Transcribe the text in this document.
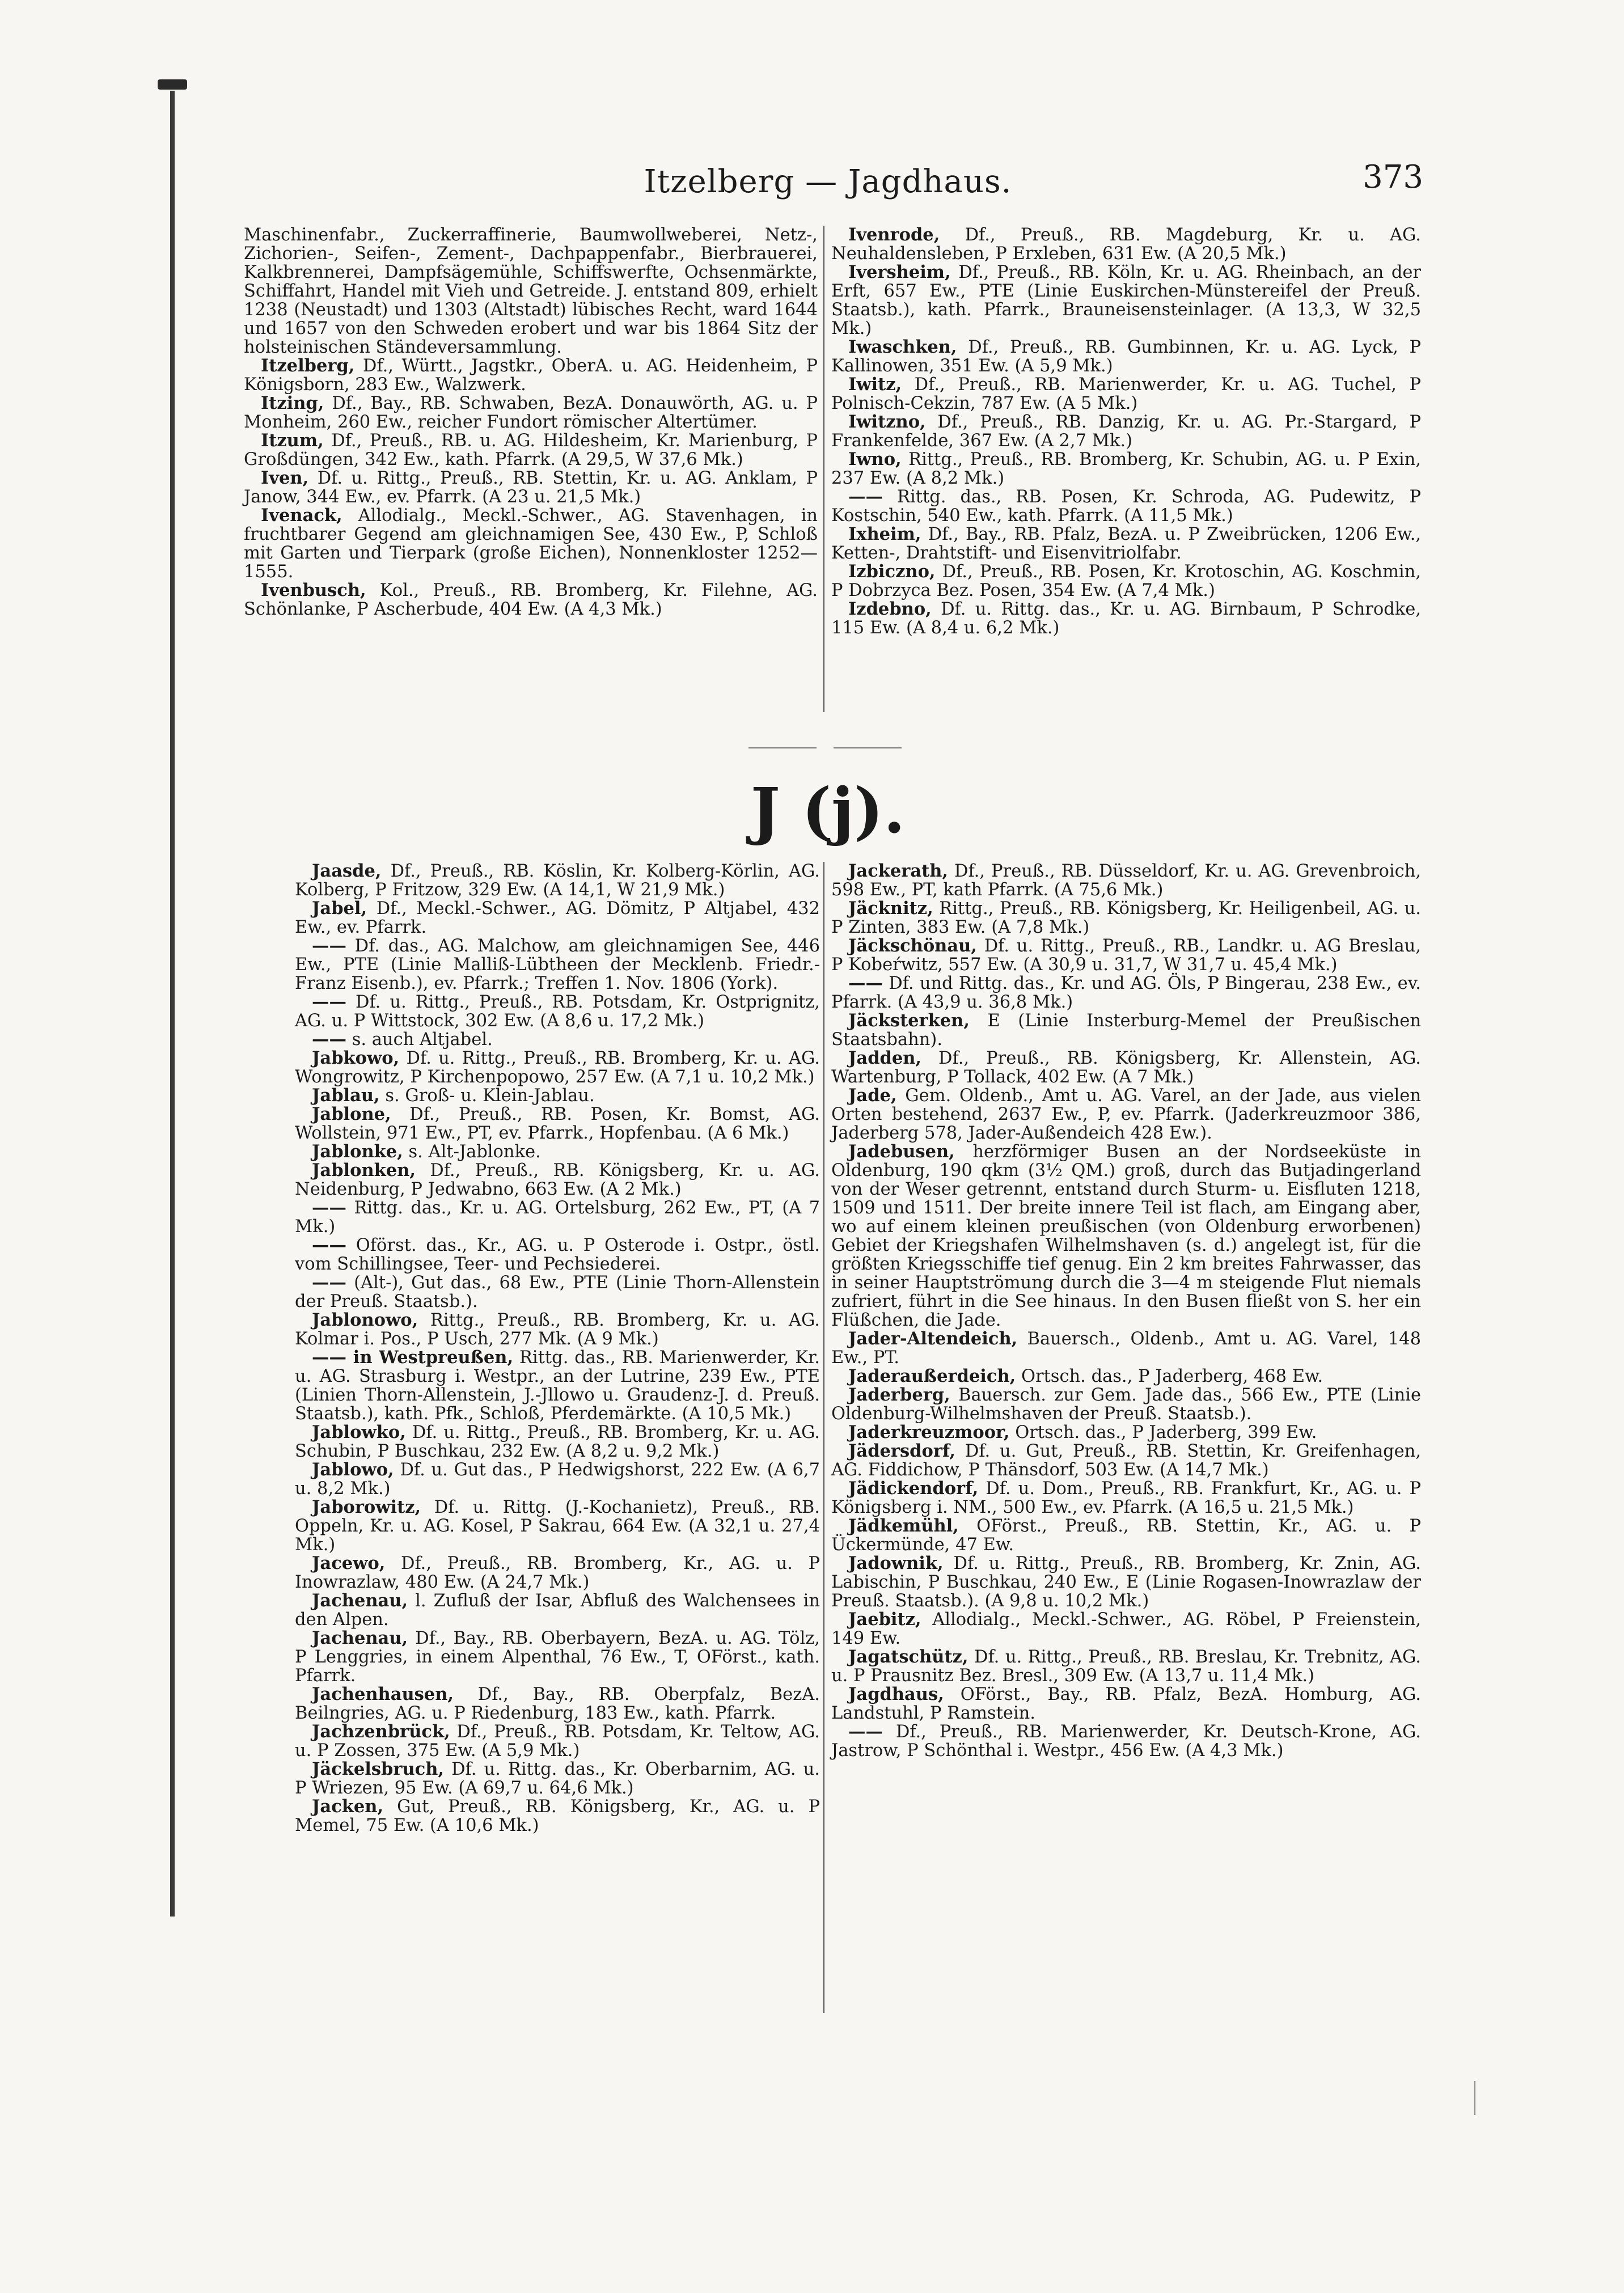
Itzelberg — Jagdhaus.	373

Maschinenfabr., Zuckerraffinerie, Baumwollweberei, Netz-, Zichorien-, Seifen-, Zement-, Dachpappenfabr., Bierbrauerei, Kalkbrennerei, Dampfsägemühle, Schiffswerfte, Ochsenmärkte, Schiffahrt, Handel mit Vieh und Getreide. J. entstand 809, erhielt 1238 (Neustadt) und 1303 (Altstadt) lübisches Recht, ward 1644 und 1657 von den Schweden erobert und war bis 1864 Sitz der holsteinischen Ständeversammlung.

Itzelberg, Df., Württ., Jagstkr., OberA. u. AG. Heidenheim, P Königsborn, 283 Ew., Walzwerk.

Itzing, Df., Bay., RB. Schwaben, BezA. Donauwörth, AG. u. P Monheim, 260 Ew., reicher Fundort römischer Altertümer.

Itzum, Df., Preuß., RB. u. AG. Hildesheim, Kr. Marienburg, P Großdüngen, 342 Ew., kath. Pfarrk. (A 29,5, W 37,6 Mk.)

Iven, Df. u. Rittg., Preuß., RB. Stettin, Kr. u. AG. Anklam, P Janow, 344 Ew., ev. Pfarrk. (A 23 u. 21,5 Mk.)

Ivenack, Allodialg., Meckl.-Schwer., AG. Stavenhagen, in fruchtbarer Gegend am gleichnamigen See, 430 Ew., P, Schloß mit Garten und Tierpark (große Eichen), Nonnenkloster 1252—1555.

Ivenbusch, Kol., Preuß., RB. Bromberg, Kr. Filehne, AG. Schönlanke, P Ascherbude, 404 Ew. (A 4,3 Mk.)

Ivenrode, Df., Preuß., RB. Magdeburg, Kr. u. AG. Neuhaldensleben, P Erxleben, 631 Ew. (A 20,5 Mk.)

Iversheim, Df., Preuß., RB. Köln, Kr. u. AG. Rheinbach, an der Erft, 657 Ew., PTE (Linie Euskirchen-Münstereifel der Preuß. Staatsb.), kath. Pfarrk., Brauneisensteinlager. (A 13,3, W 32,5 Mk.)

Iwaschken, Df., Preuß., RB. Gumbinnen, Kr. u. AG. Lyck, P Kallinowen, 351 Ew. (A 5,9 Mk.)

Iwitz, Df., Preuß., RB. Marienwerder, Kr. u. AG. Tuchel, P Polnisch-Cekzin, 787 Ew. (A 5 Mk.)

Iwitzno, Df., Preuß., RB. Danzig, Kr. u. AG. Pr.-Stargard, P Frankenfelde, 367 Ew. (A 2,7 Mk.)

Iwno, Rittg., Preuß., RB. Bromberg, Kr. Schubin, AG. u. P Exin, 237 Ew. (A 8,2 Mk.)

—— Rittg. das., RB. Posen, Kr. Schroda, AG. Pudewitz, P Kostschin, 540 Ew., kath. Pfarrk. (A 11,5 Mk.)

Ixheim, Df., Bay., RB. Pfalz, BezA. u. P Zweibrücken, 1206 Ew., Ketten-, Drahtstift- und Eisenvitriolfabr.

Izbiczno, Df., Preuß., RB. Posen, Kr. Krotoschin, AG. Koschmin, P Dobrzyca Bez. Posen, 354 Ew. (A 7,4 Mk.)

Izdebno, Df. u. Rittg. das., Kr. u. AG. Birnbaum, P Schrodke, 115 Ew. (A 8,4 u. 6,2 Mk.)

J (j).

Jaasde, Df., Preuß., RB. Köslin, Kr. Kolberg-Körlin, AG. Kolberg, P Fritzow, 329 Ew. (A 14,1, W 21,9 Mk.)

Jabel, Df., Meckl.-Schwer., AG. Dömitz, P Altjabel, 432 Ew., ev. Pfarrk.

—— Df. das., AG. Malchow, am gleichnamigen See, 446 Ew., PTE (Linie Malliß-Lübtheen der Mecklenb. Friedr.-Franz Eisenb.), ev. Pfarrk.; Treffen 1. Nov. 1806 (York).

—— Df. u. Rittg., Preuß., RB. Potsdam, Kr. Ostprignitz, AG. u. P Wittstock, 302 Ew. (A 8,6 u. 17,2 Mk.)

—— s. auch Altjabel.

Jabkowo, Df. u. Rittg., Preuß., RB. Bromberg, Kr. u. AG. Wongrowitz, P Kirchenpopowo, 257 Ew. (A 7,1 u. 10,2 Mk.)

Jablau, s. Groß- u. Klein-Jablau.

Jablone, Df., Preuß., RB. Posen, Kr. Bomst, AG. Wollstein, 971 Ew., PT, ev. Pfarrk., Hopfenbau. (A 6 Mk.)

Jablonke, s. Alt-Jablonke.

Jablonken, Df., Preuß., RB. Königsberg, Kr. u. AG. Neidenburg, P Jedwabno, 663 Ew. (A 2 Mk.)

—— Rittg. das., Kr. u. AG. Ortelsburg, 262 Ew., PT, (A 7 Mk.)

—— Oförst. das., Kr., AG. u. P Osterode i. Ostpr., östl. vom Schillingsee, Teer- und Pechsiederei.

—— (Alt-), Gut das., 68 Ew., PTE (Linie Thorn-Allenstein der Preuß. Staatsb.).

Jablonowo, Rittg., Preuß., RB. Bromberg, Kr. u. AG. Kolmar i. Pos., P Usch, 277 Mk. (A 9 Mk.)

—— in Westpreußen, Rittg. das., RB. Marienwerder, Kr. u. AG. Strasburg i. Westpr., an der Lutrine, 239 Ew., PTE (Linien Thorn-Allenstein, J.-Jllowo u. Graudenz-J. d. Preuß. Staatsb.), kath. Pfk., Schloß, Pferdemärkte. (A 10,5 Mk.)

Jablowko, Df. u. Rittg., Preuß., RB. Bromberg, Kr. u. AG. Schubin, P Buschkau, 232 Ew. (A 8,2 u. 9,2 Mk.)

Jablowo, Df. u. Gut das., P Hedwigshorst, 222 Ew. (A 6,7 u. 8,2 Mk.)

Jaborowitz, Df. u. Rittg. (J.-Kochanietz), Preuß., RB. Oppeln, Kr. u. AG. Kosel, P Sakrau, 664 Ew. (A 32,1 u. 27,4 Mk.)

Jacewo, Df., Preuß., RB. Bromberg, Kr., AG. u. P Inowrazlaw, 480 Ew. (A 24,7 Mk.)

Jachenau, l. Zufluß der Isar, Abfluß des Walchensees in den Alpen.

Jachenau, Df., Bay., RB. Oberbayern, BezA. u. AG. Tölz, P Lenggries, in einem Alpenthal, 76 Ew., T, OFörst., kath. Pfarrk.

Jachenhausen, Df., Bay., RB. Oberpfalz, BezA. Beilngries, AG. u. P Riedenburg, 183 Ew., kath. Pfarrk.

Jachzenbrück, Df., Preuß., RB. Potsdam, Kr. Teltow, AG. u. P Zossen, 375 Ew. (A 5,9 Mk.)

Jäckelsbruch, Df. u. Rittg. das., Kr. Oberbarnim, AG. u. P Wriezen, 95 Ew. (A 69,7 u. 64,6 Mk.)

Jacken, Gut, Preuß., RB. Königsberg, Kr., AG. u. P Memel, 75 Ew. (A 10,6 Mk.)

Jackerath, Df., Preuß., RB. Düsseldorf, Kr. u. AG. Grevenbroich, 598 Ew., PT, kath Pfarrk. (A 75,6 Mk.)

Jäcknitz, Rittg., Preuß., RB. Königsberg, Kr. Heiligenbeil, AG. u. P Zinten, 383 Ew. (A 7,8 Mk.)

Jäckschönau, Df. u. Rittg., Preuß., RB., Landkr. u. AG Breslau, P Kobeŕwitz, 557 Ew. (A 30,9 u. 31,7, W 31,7 u. 45,4 Mk.)

—— Df. und Rittg. das., Kr. und AG. Öls, P Bingerau, 238 Ew., ev. Pfarrk. (A 43,9 u. 36,8 Mk.)

Jäcksterken, E (Linie Insterburg-Memel der Preußischen Staatsbahn).

Jadden, Df., Preuß., RB. Königsberg, Kr. Allenstein, AG. Wartenburg, P Tollack, 402 Ew. (A 7 Mk.)

Jade, Gem. Oldenb., Amt u. AG. Varel, an der Jade, aus vielen Orten bestehend, 2637 Ew., P, ev. Pfarrk. (Jaderkreuzmoor 386, Jaderberg 578, Jader-Außendeich 428 Ew.).

Jadebusen, herzförmiger Busen an der Nordseeküste in Oldenburg, 190 qkm (3½ QM.) groß, durch das Butjadingerland von der Weser getrennt, entstand durch Sturm- u. Eisfluten 1218, 1509 und 1511. Der breite innere Teil ist flach, am Eingang aber, wo auf einem kleinen preußischen (von Oldenburg erworbenen) Gebiet der Kriegshafen Wilhelmshaven (s. d.) angelegt ist, für die größten Kriegsschiffe tief genug. Ein 2 km breites Fahrwasser, das in seiner Hauptströmung durch die 3—4 m steigende Flut niemals zufriert, führt in die See hinaus. In den Busen fließt von S. her ein Flüßchen, die Jade.

Jader-Altendeich, Bauersch., Oldenb., Amt u. AG. Varel, 148 Ew., PT.

Jaderaußerdeich, Ortsch. das., P Jaderberg, 468 Ew.

Jaderberg, Bauersch. zur Gem. Jade das., 566 Ew., PTE (Linie Oldenburg-Wilhelmshaven der Preuß. Staatsb.).

Jaderkreuzmoor, Ortsch. das., P Jaderberg, 399 Ew.

Jädersdorf, Df. u. Gut, Preuß., RB. Stettin, Kr. Greifenhagen, AG. Fiddichow, P Thänsdorf, 503 Ew. (A 14,7 Mk.)

Jädickendorf, Df. u. Dom., Preuß., RB. Frankfurt, Kr., AG. u. P Königsberg i. NM., 500 Ew., ev. Pfarrk. (A 16,5 u. 21,5 Mk.)

Jädkemühl, OFörst., Preuß., RB. Stettin, Kr., AG. u. P Ückermünde, 47 Ew.

Jadownik, Df. u. Rittg., Preuß., RB. Bromberg, Kr. Znin, AG. Labischin, P Buschkau, 240 Ew., E (Linie Rogasen-Inowrazlaw der Preuß. Staatsb.). (A 9,8 u. 10,2 Mk.)

Jaebitz, Allodialg., Meckl.-Schwer., AG. Röbel, P Freienstein, 149 Ew.

Jagatschütz, Df. u. Rittg., Preuß., RB. Breslau, Kr. Trebnitz, AG. u. P Prausnitz Bez. Bresl., 309 Ew. (A 13,7 u. 11,4 Mk.)

Jagdhaus, OFörst., Bay., RB. Pfalz, BezA. Homburg, AG. Landstuhl, P Ramstein.

—— Df., Preuß., RB. Marienwerder, Kr. Deutsch-Krone, AG. Jastrow, P Schönthal i. Westpr., 456 Ew. (A 4,3 Mk.)
